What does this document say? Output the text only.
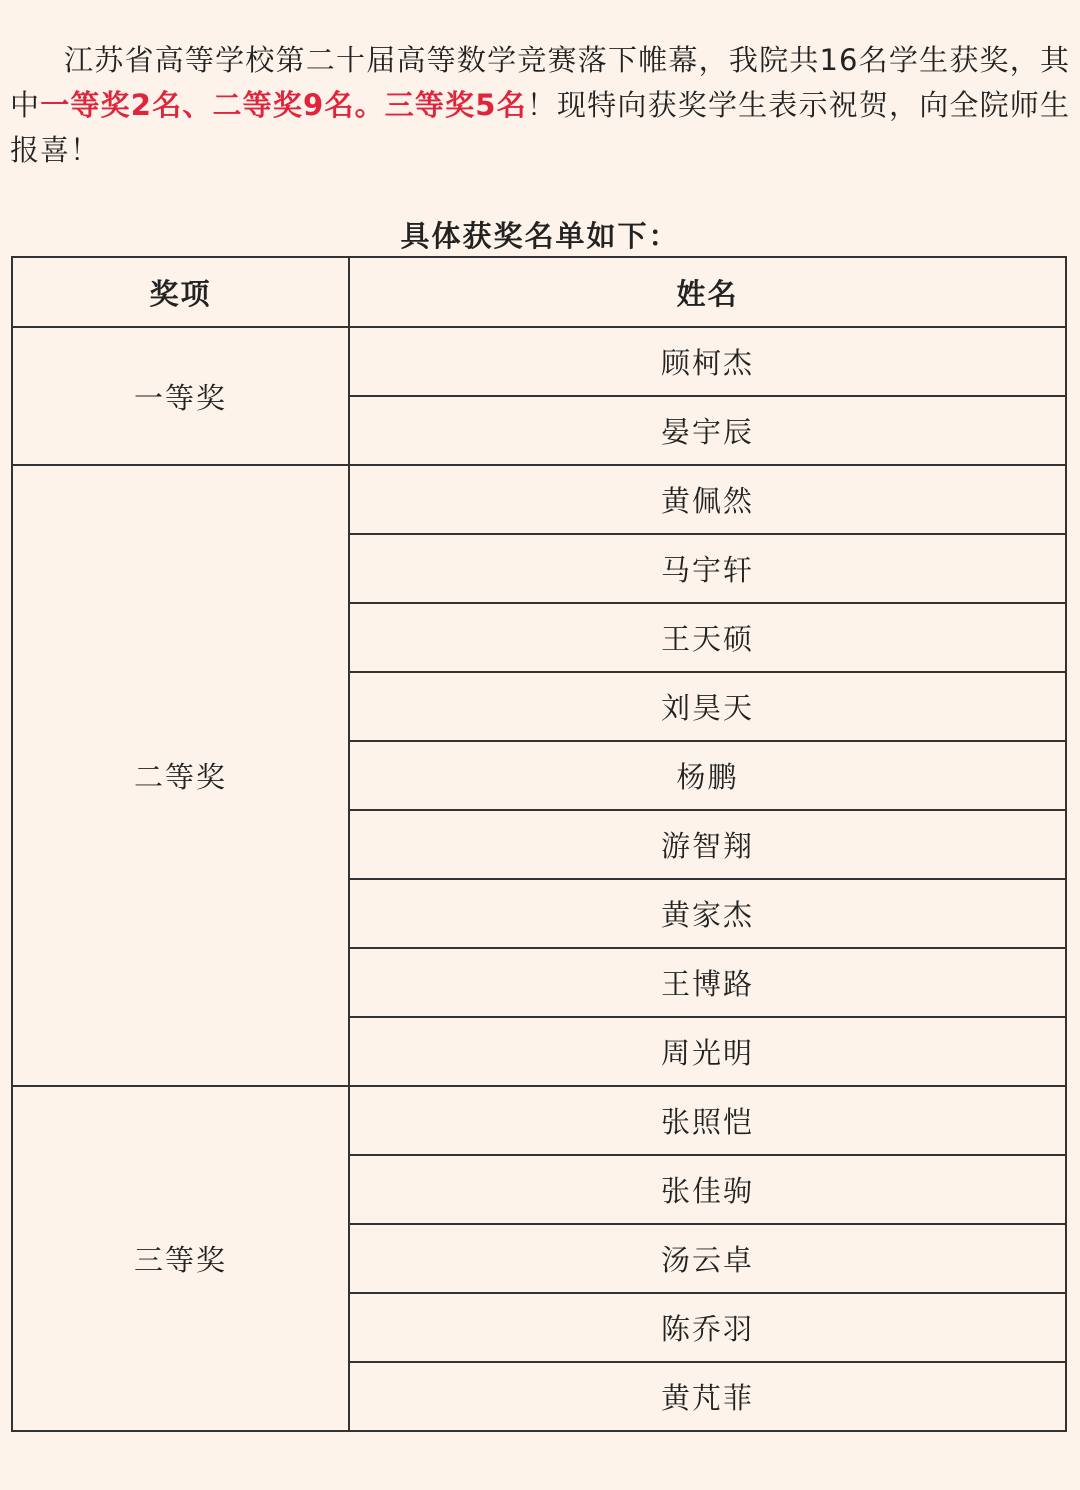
江苏省高等学校第二十届高等数学竞赛落下帷幕，我院共16名学生获奖，其中一等奖2名、二等奖9名。三等奖5名！现特向获奖学生表示祝贺，向全院师生报喜！

具体获奖名单如下：
奖项	姓名
一等奖	顾柯杰
	晏宇辰
二等奖	黄佩然
	马宇轩
	王天硕
	刘昊天
	杨鹏
	游智翔
	黄家杰
	王博路
	周光明
三等奖	张照恺
	张佳驹
	汤云卓
	陈乔羽
	黄芃菲
